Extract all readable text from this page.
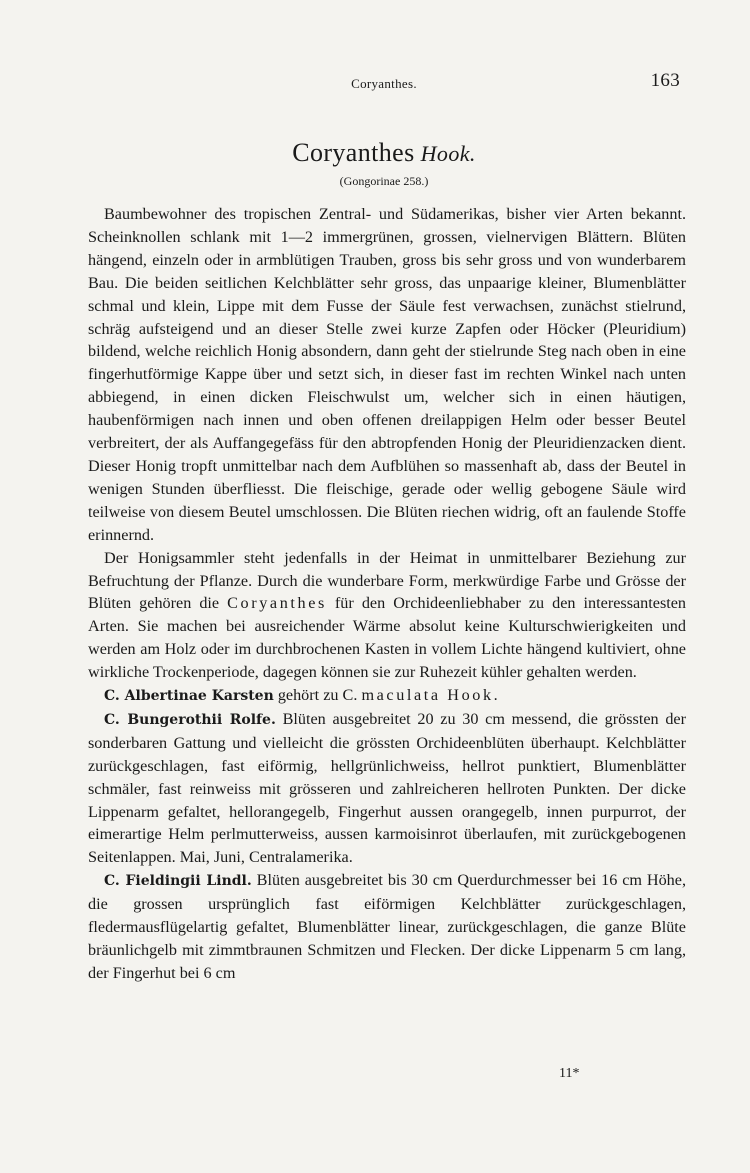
Coryanthes.	163
Coryanthes Hook.
(Gongorinae 258.)

Baumbewohner des tropischen Zentral- und Südamerikas, bisher vier Arten bekannt. Scheinknollen schlank mit 1—2 immergrünen, grossen, vielnervigen Blättern. Blüten hängend, einzeln oder in armblütigen Trauben, gross bis sehr gross und von wunderbarem Bau. Die beiden seitlichen Kelchblätter sehr gross, das unpaarige kleiner, Blumenblätter schmal und klein, Lippe mit dem Fusse der Säule fest verwachsen, zunächst stielrund, schräg aufsteigend und an dieser Stelle zwei kurze Zapfen oder Höcker (Pleuridium) bildend, welche reichlich Honig absondern, dann geht der stielrunde Steg nach oben in eine fingerhutförmige Kappe über und setzt sich, in dieser fast im rechten Winkel nach unten abbiegend, in einen dicken Fleischwulst um, welcher sich in einen häutigen, haubenförmigen nach innen und oben offenen dreilappigen Helm oder besser Beutel verbreitert, der als Auffangegefäss für den abtropfenden Honig der Pleuridienzacken dient. Dieser Honig tropft unmittelbar nach dem Aufblühen so massenhaft ab, dass der Beutel in wenigen Stunden überfliesst. Die fleischige, gerade oder wellig gebogene Säule wird teilweise von diesem Beutel umschlossen. Die Blüten riechen widrig, oft an faulende Stoffe erinnernd.

Der Honigsammler steht jedenfalls in der Heimat in unmittelbarer Beziehung zur Befruchtung der Pflanze. Durch die wunderbare Form, merkwürdige Farbe und Grösse der Blüten gehören die Coryanthes für den Orchideenliebhaber zu den interessantesten Arten. Sie machen bei ausreichender Wärme absolut keine Kulturschwierigkeiten und werden am Holz oder im durchbrochenen Kasten in vollem Lichte hängend kultiviert, ohne wirkliche Trockenperiode, dagegen können sie zur Ruhezeit kühler gehalten werden.

C. Albertinae Karsten gehört zu C. maculata Hook.

C. Bungerothii Rolfe. Blüten ausgebreitet 20 zu 30 cm messend, die grössten der sonderbaren Gattung und vielleicht die grössten Orchideenblüten überhaupt. Kelchblätter zurückgeschlagen, fast eiförmig, hellgrünlichweiss, hellrot punktiert, Blumenblätter schmäler, fast reinweiss mit grösseren und zahlreicheren hellroten Punkten. Der dicke Lippenarm gefaltet, hellorangegelb, Fingerhut aussen orangegelb, innen purpurrot, der eimerartige Helm perlmutterweiss, aussen karmoisinrot überlaufen, mit zurückgebogenen Seitenlappen. Mai, Juni, Centralamerika.

C. Fieldingii Lindl. Blüten ausgebreitet bis 30 cm Querdurchmesser bei 16 cm Höhe, die grossen ursprünglich fast eiförmigen Kelchblätter zurückgeschlagen, fledermausflügelartig gefaltet, Blumenblätter linear, zurückgeschlagen, die ganze Blüte bräunlichgelb mit zimmtbraunen Schmitzen und Flecken. Der dicke Lippenarm 5 cm lang, der Fingerhut bei 6 cm

11*
